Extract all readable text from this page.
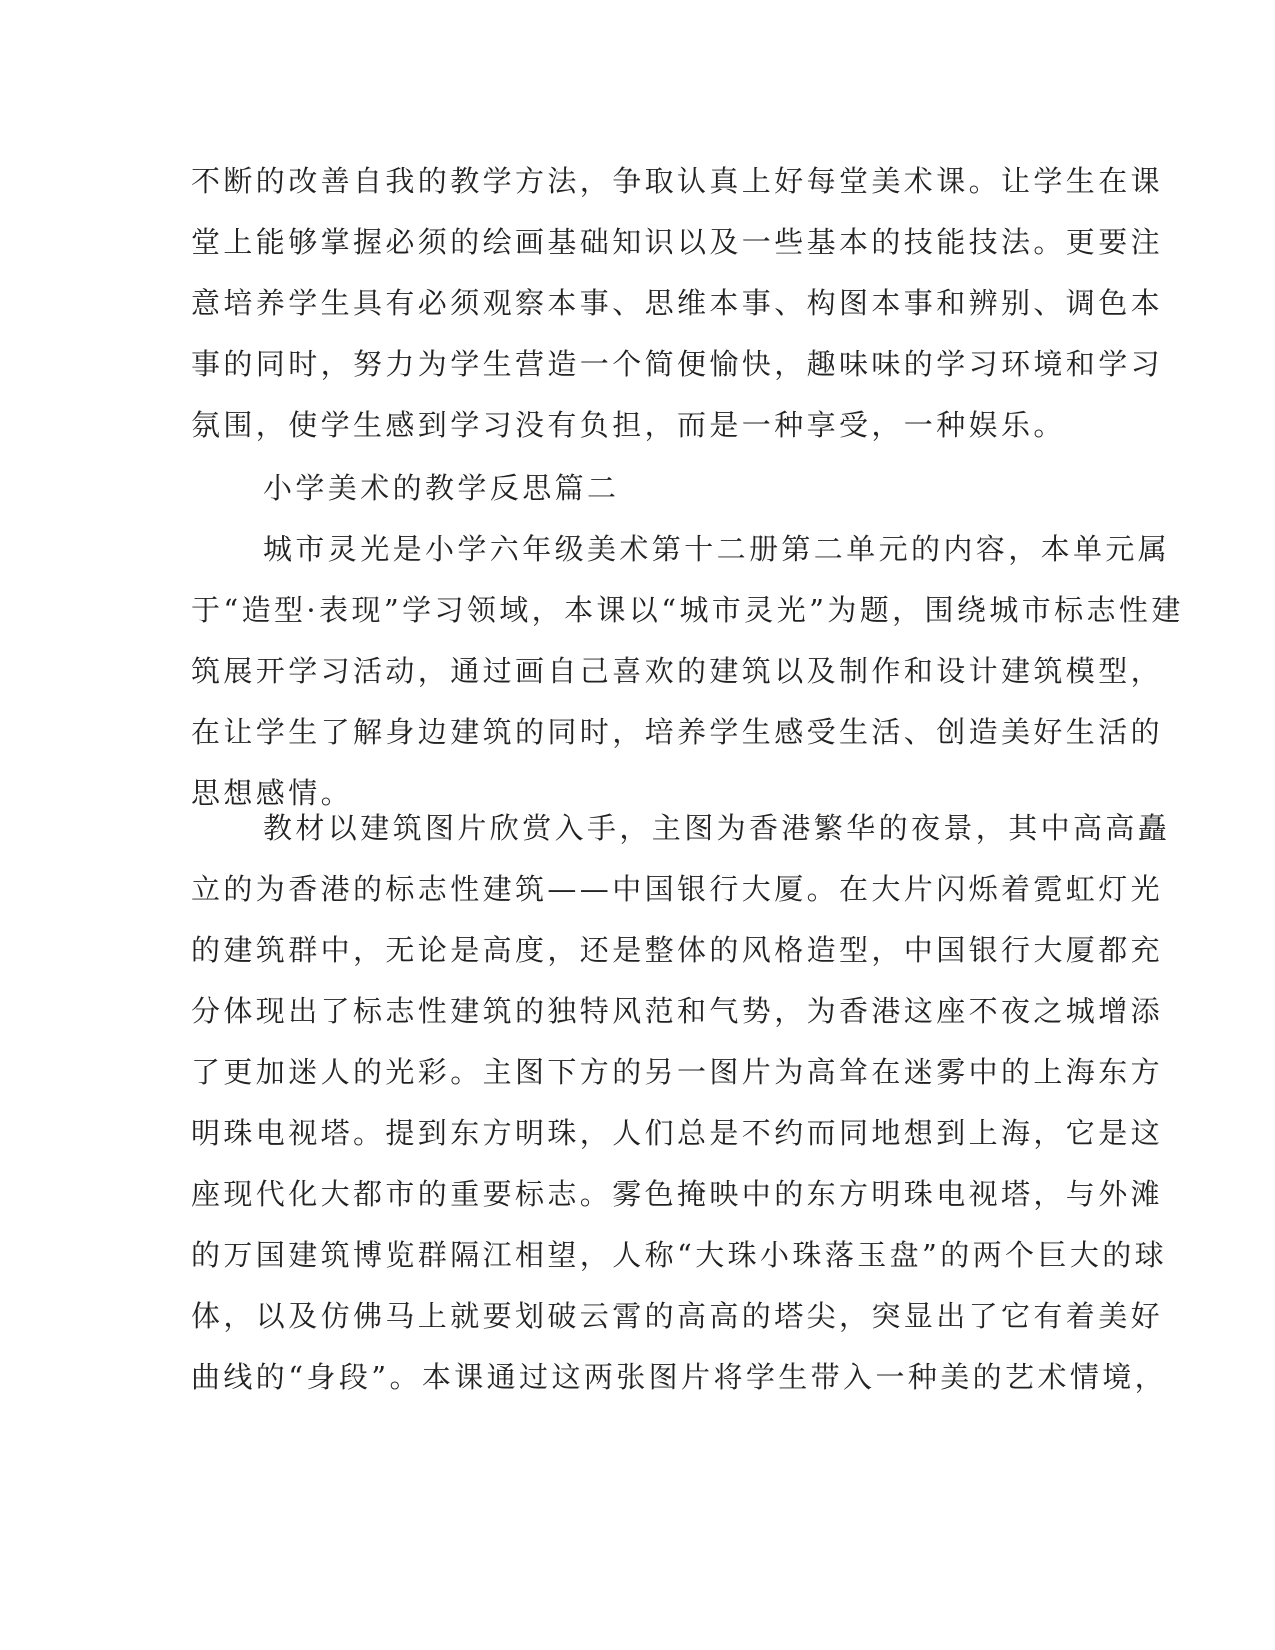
不断的改善自我的教学方法，争取认真上好每堂美术课。让学生在课
堂上能够掌握必须的绘画基础知识以及一些基本的技能技法。更要注
意培养学生具有必须观察本事、思维本事、构图本事和辨别、调色本
事的同时，努力为学生营造一个简便愉快，趣味味的学习环境和学习
氛围，使学生感到学习没有负担，而是一种享受，一种娱乐。
小学美术的教学反思篇二
城市灵光是小学六年级美术第十二册第二单元的内容，本单元属
于“造型·表现”学习领域，本课以“城市灵光”为题，围绕城市标志性建
筑展开学习活动，通过画自己喜欢的建筑以及制作和设计建筑模型，
在让学生了解身边建筑的同时，培养学生感受生活、创造美好生活的
思想感情。
教材以建筑图片欣赏入手，主图为香港繁华的夜景，其中高高矗
立的为香港的标志性建筑——中国银行大厦。在大片闪烁着霓虹灯光
的建筑群中，无论是高度，还是整体的风格造型，中国银行大厦都充
分体现出了标志性建筑的独特风范和气势，为香港这座不夜之城增添
了更加迷人的光彩。主图下方的另一图片为高耸在迷雾中的上海东方
明珠电视塔。提到东方明珠，人们总是不约而同地想到上海，它是这
座现代化大都市的重要标志。雾色掩映中的东方明珠电视塔，与外滩
的万国建筑博览群隔江相望，人称“大珠小珠落玉盘”的两个巨大的球
体，以及仿佛马上就要划破云霄的高高的塔尖，突显出了它有着美好
曲线的“身段”。本课通过这两张图片将学生带入一种美的艺术情境，
